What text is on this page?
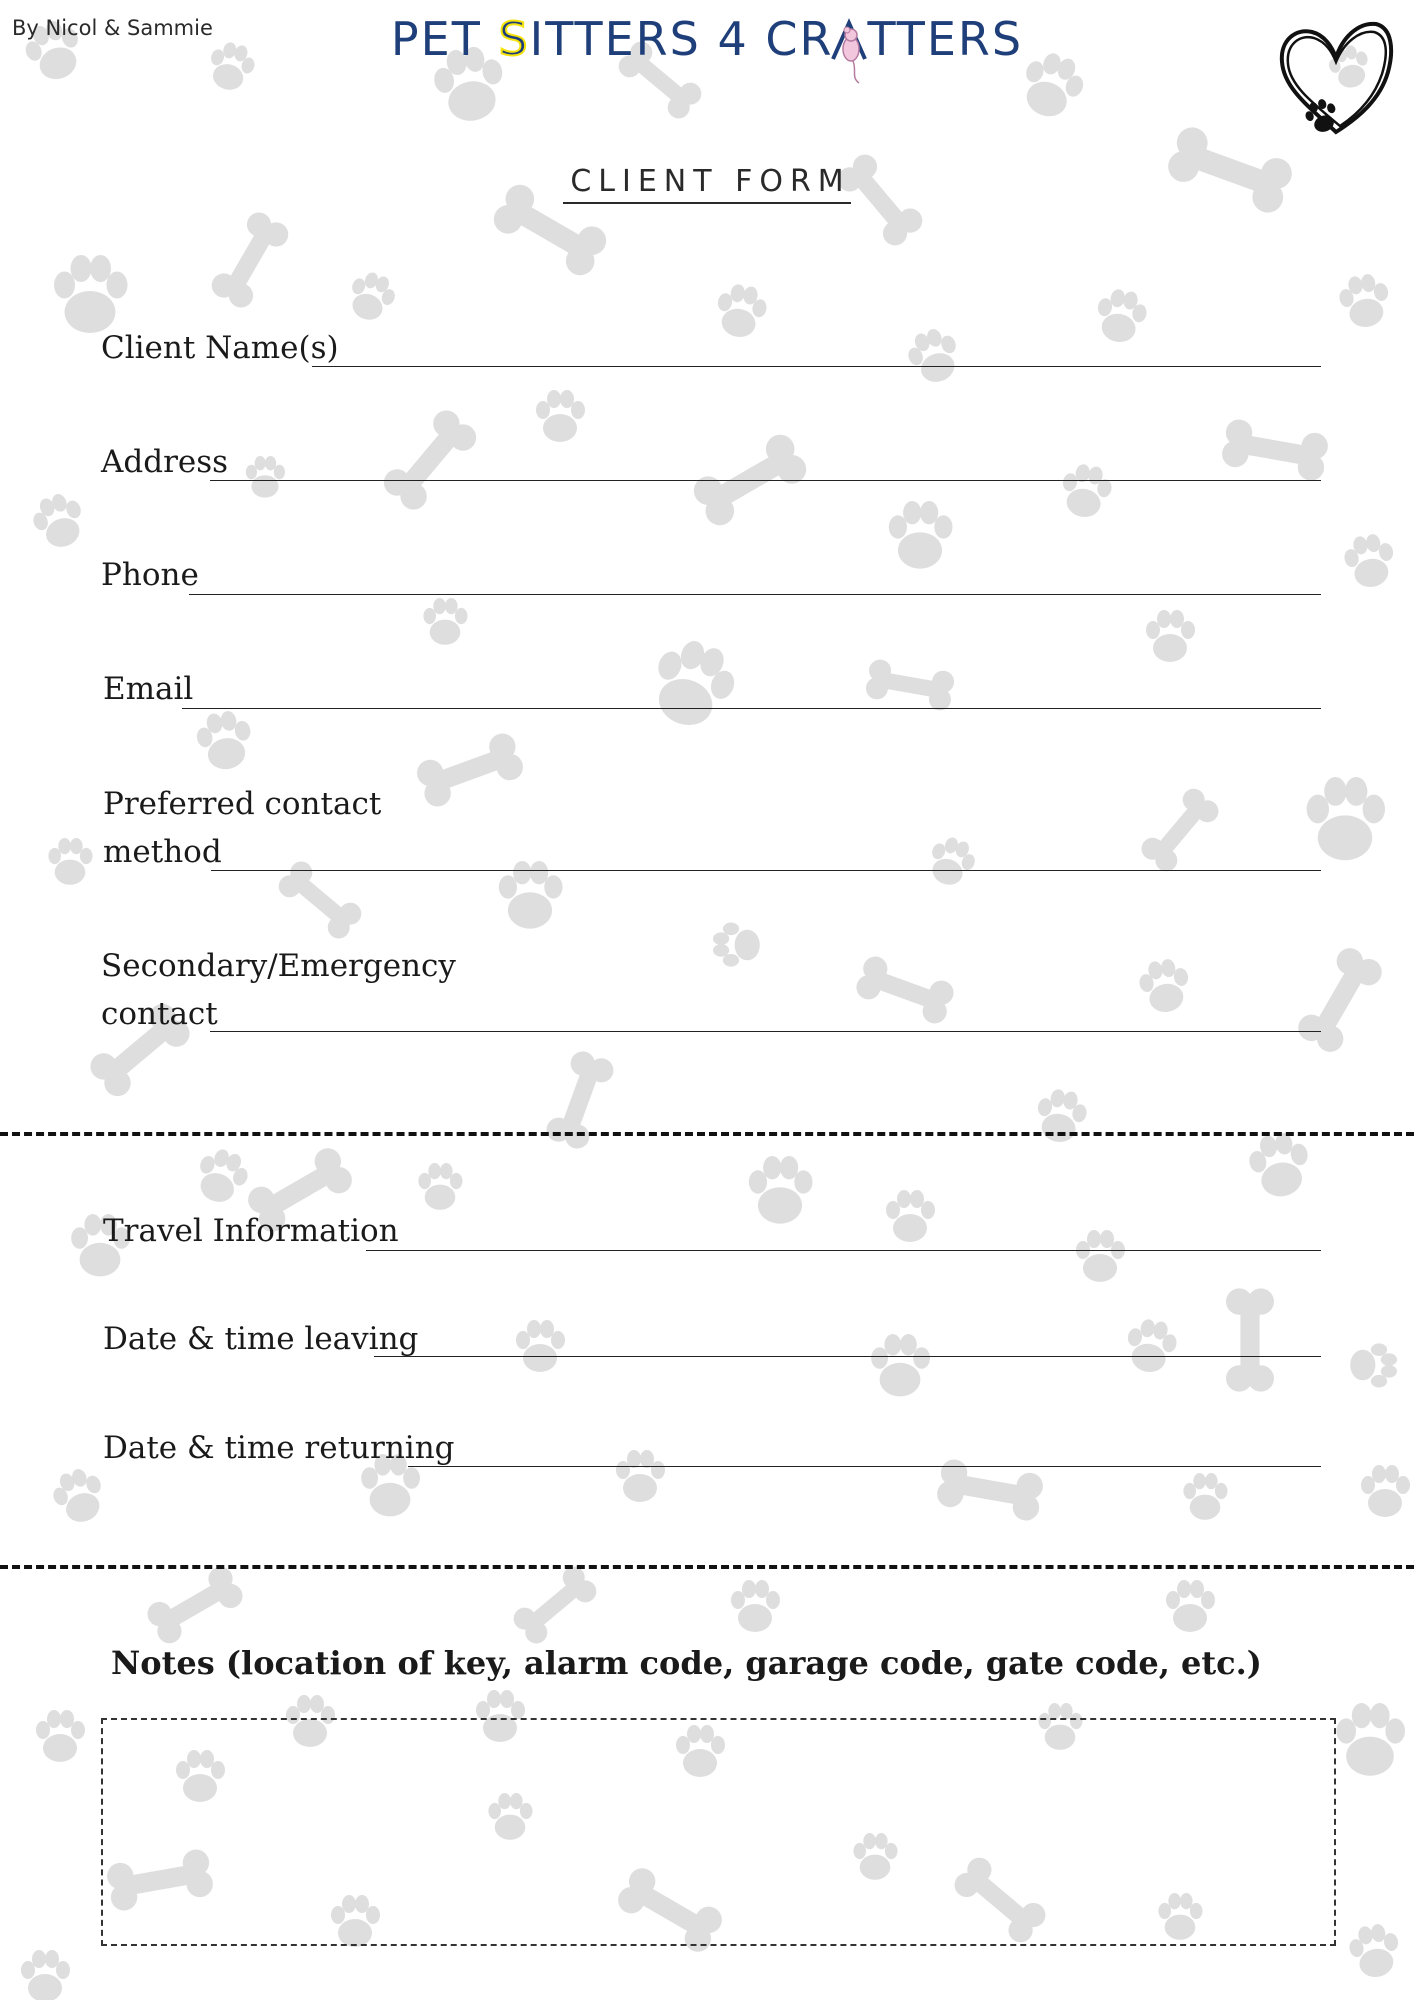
By Nicol & Sammie	PET SITTERS 4 CR TTERS
CLIENT FORM
Client Name(s)
Address
Phone
Email
Preferred contact
method
Secondary/Emergency
contact
Travel Information
Date & time leaving
Date & time returning
Notes (location of key, alarm code, garage code, gate code, etc.)
